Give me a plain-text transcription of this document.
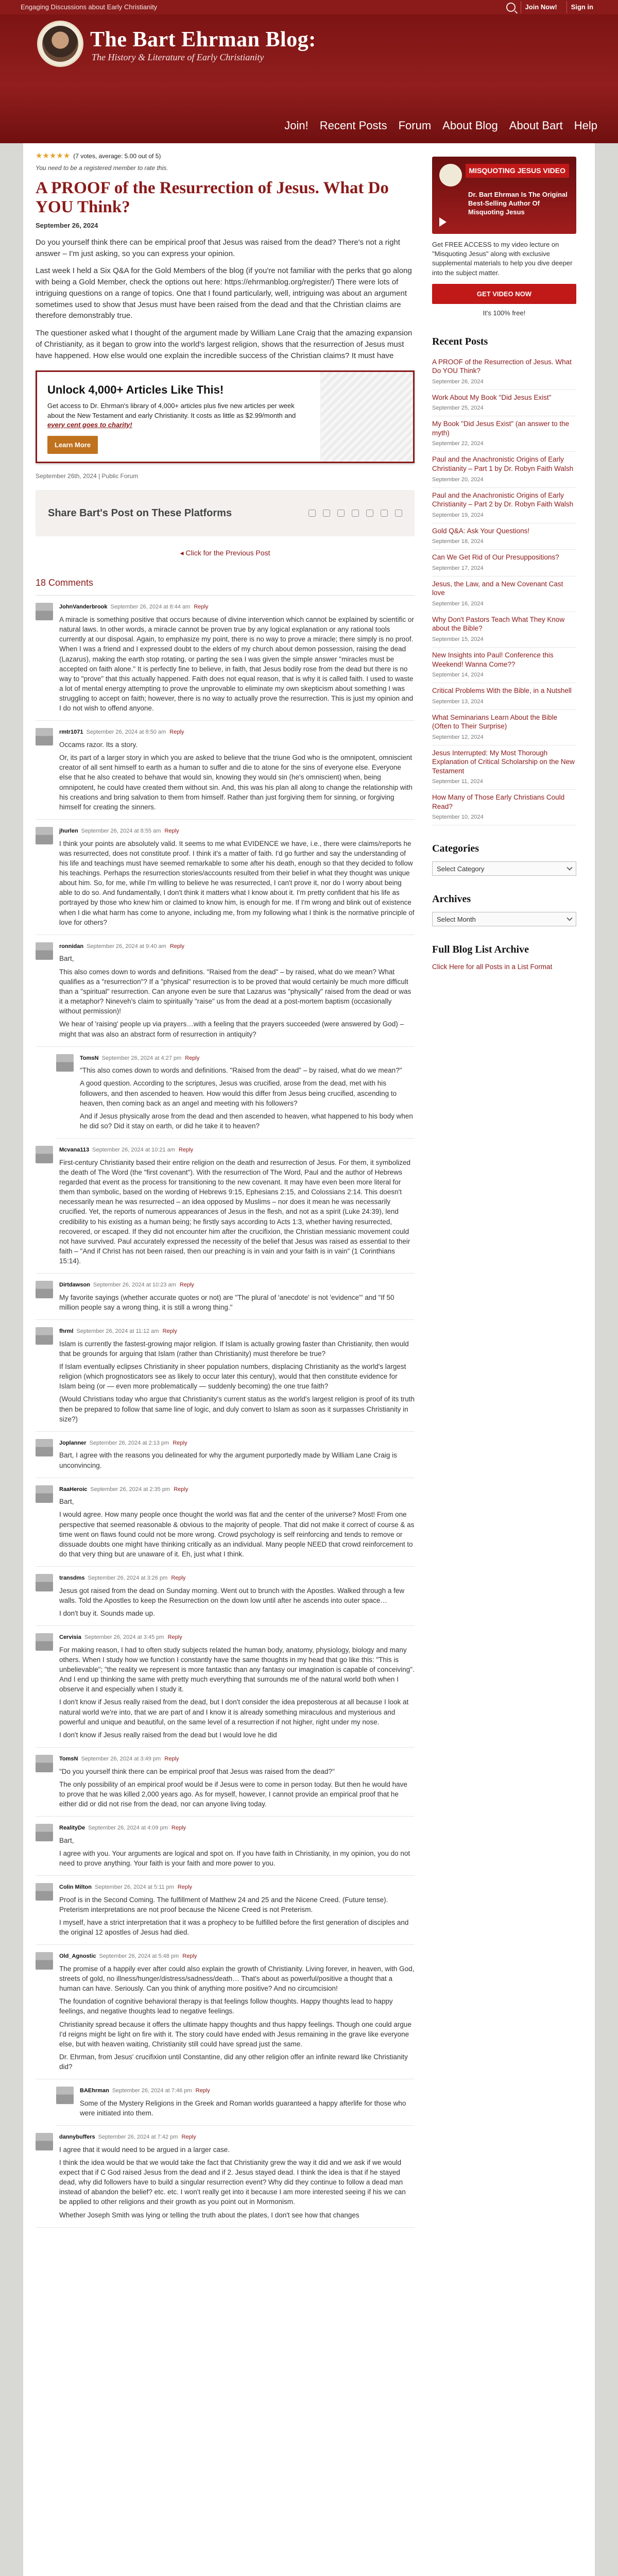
Engaging Discussions about Early Christianity	Join Now!	Sign in
The Bart Ehrman Blog:
The History & Literature of Early Christianity
Join! Recent Posts Forum About Blog About Bart Help
★★★★★ (7 votes, average: 5.00 out of 5)
You need to be a registered member to rate this.
A PROOF of the Resurrection of Jesus. What Do YOU Think?
September 26, 2024

Do you yourself think there can be empirical proof that Jesus was raised from the dead? There's not a right answer – I'm just asking, so you can express your opinion.

Last week I held a Six Q&A for the Gold Members of the blog (if you're not familiar with the perks that go along with being a Gold Member, check the options out here: https://ehrmanblog.org/register/) There were lots of intriguing questions on a range of topics. One that I found particularly, well, intriguing was about an argument sometimes used to show that Jesus must have been raised from the dead and that the Christian claims are therefore demonstrably true.

The questioner asked what I thought of the argument made by William Lane Craig that the amazing expansion of Christianity, as it began to grow into the world's largest religion, shows that the resurrection of Jesus must have happened. How else would one explain the incredible success of the Christian claims? It must have

Unlock 4,000+ Articles Like This!

Get access to Dr. Ehrman's library of 4,000+ articles plus five new articles per week about the New Testament and early Christianity. It costs as little as $2.99/month and every cent goes to charity!

Learn More
September 26th, 2024 | Public Forum
Share Bart's Post on These Platforms
◂ Click for the Previous Post
18 Comments
JohnVanderbrook September 26, 2024 at 8:44 am Reply

A miracle is something positive that occurs because of divine intervention which cannot be explained by scientific or natural laws. In other words, a miracle cannot be proven true by any logical explanation or any rational tools currently at our disposal. Again, to emphasize my point, there is no way to prove a miracle; there simply is no proof. When I was a friend and I expressed doubt to the elders of my church about demon possession, raising the dead (Lazarus), making the earth stop rotating, or parting the sea I was given the simple answer "miracles must be accepted on faith alone." It is perfectly fine to believe, in faith, that Jesus bodily rose from the dead but there is no way to "prove" that this actually happened. Faith does not equal reason, that is why it is called faith. I used to waste a lot of mental energy attempting to prove the unprovable to eliminate my own skepticism about something I was struggling to accept on faith; however, there is no way to actually prove the resurrection. This is just my opinion and I do not wish to offend anyone.

rmtr1071 September 26, 2024 at 8:50 am Reply

Occams razor. Its a story.

Or, its part of a larger story in which you are asked to believe that the triune God who is the omnipotent, omniscient creator of all sent himself to earth as a human to suffer and die to atone for the sins of everyone else. Everyone else that he also created to behave that would sin, knowing they would sin (he's omniscient) when, being omnipotent, he could have created them without sin. And, this was his plan all along to change the relationship with his creations and bring salvation to them from himself. Rather than just forgiving them for sinning, or forgiving himself for creating the sinners.

jhurlen September 26, 2024 at 8:55 am Reply

I think your points are absolutely valid. It seems to me what EVIDENCE we have, i.e., there were claims/reports he was resurrected, does not constitute proof. I think it's a matter of faith. I'd go further and say the understanding of his life and teachings must have seemed remarkable to some after his death, enough so that they decided to follow his teachings. Perhaps the resurrection stories/accounts resulted from their belief in what they thought was unique about him. So, for me, while I'm willing to believe he was resurrected, I can't prove it, nor do I worry about being able to do so. And fundamentally, I don't think it matters what I know about it. I'm pretty confident that his life as portrayed by those who knew him or claimed to know him, is enough for me. If I'm wrong and blink out of existence when I die what harm has come to anyone, including me, from my following what I think is the normative principle of love for others?

ronnidan September 26, 2024 at 9:40 am Reply

Bart,

This also comes down to words and definitions. "Raised from the dead" – by raised, what do we mean? What qualifies as a "resurrection"? If a "physical" resurrection is to be proved that would certainly be much more difficult than a "spiritual" resurrection. Can anyone even be sure that Lazarus was "physically" raised from the dead or was it a metaphor? Nineveh's claim to spiritually "raise" us from the dead at a post-mortem baptism (occasionally without permission)!

We hear of 'raising' people up via prayers…with a feeling that the prayers succeeded (were answered by God) – might that was also an abstract form of resurrection in antiquity?

TomsN September 26, 2024 at 4:27 pm Reply

"This also comes down to words and definitions. "Raised from the dead" – by raised, what do we mean?"

A good question. According to the scriptures, Jesus was crucified, arose from the dead, met with his followers, and then ascended to heaven. How would this differ from Jesus being crucified, ascending to heaven, then coming back as an angel and meeting with his followers?

And if Jesus physically arose from the dead and then ascended to heaven, what happened to his body when he did so? Did it stay on earth, or did he take it to heaven?

Mcvana113 September 26, 2024 at 10:21 am Reply

First-century Christianity based their entire religion on the death and resurrection of Jesus. For them, it symbolized the death of The Word (the "first covenant"). With the resurrection of The Word, Paul and the author of Hebrews regarded that event as the process for transitioning to the new covenant. It may have even been more literal for them than symbolic, based on the wording of Hebrews 9:15, Ephesians 2:15, and Colossians 2:14. This doesn't necessarily mean he was resurrected – an idea opposed by Muslims – nor does it mean he was necessarily crucified. Yet, the reports of numerous appearances of Jesus in the flesh, and not as a spirit (Luke 24:39), lend credibility to his existing as a human being; he firstly says according to Acts 1:3, whether having resurrected, recovered, or escaped. If they did not encounter him after the crucifixion, the Christian messianic movement could not have survived. Paul accurately expressed the necessity of the belief that Jesus was raised as essential to their faith – "And if Christ has not been raised, then our preaching is in vain and your faith is in vain" (1 Corinthians 15:14).

Dirtdawson September 26, 2024 at 10:23 am Reply

My favorite sayings (whether accurate quotes or not) are "The plural of 'anecdote' is not 'evidence'" and "If 50 million people say a wrong thing, it is still a wrong thing."

fhrml September 26, 2024 at 11:12 am Reply

Islam is currently the fastest-growing major religion. If Islam is actually growing faster than Christianity, then would that be grounds for arguing that Islam (rather than Christianity) must therefore be true?

If Islam eventually eclipses Christianity in sheer population numbers, displacing Christianity as the world's largest religion (which prognosticators see as likely to occur later this century), would that then constitute evidence for Islam being (or — even more problematically — suddenly becoming) the one true faith?

(Would Christians today who argue that Christianity's current status as the world's largest religion is proof of its truth then be prepared to follow that same line of logic, and duly convert to Islam as soon as it surpasses Christianity in size?)

Joplanner September 26, 2024 at 2:13 pm Reply

Bart, I agree with the reasons you delineated for why the argument purportedly made by William Lane Craig is unconvincing.

RaaHeroic September 26, 2024 at 2:35 pm Reply

Bart,

I would agree. How many people once thought the world was flat and the center of the universe? Most! From one perspective that seemed reasonable & obvious to the majority of people. That did not make it correct of course & as time went on flaws found could not be more wrong. Crowd psychology is self reinforcing and tends to remove or dissuade doubts one might have thinking critically as an individual. Many people NEED that crowd reinforcement to do that very thing but are unaware of it. Eh, just what I think.

transdms September 26, 2024 at 3:26 pm Reply

Jesus got raised from the dead on Sunday morning. Went out to brunch with the Apostles. Walked through a few walls. Told the Apostles to keep the Resurrection on the down low until after he ascends into outer space…

I don't buy it. Sounds made up.

Cervisia September 26, 2024 at 3:45 pm Reply

For making reason, I had to often study subjects related the human body, anatomy, physiology, biology and many others. When I study how we function I constantly have the same thoughts in my head that go like this: "This is unbelievable"; "the reality we represent is more fantastic than any fantasy our imagination is capable of conceiving". And I end up thinking the same with pretty much everything that surrounds me of the natural world both when I observe it and especially when I study it.

I don't know if Jesus really raised from the dead, but I don't consider the idea preposterous at all because I look at natural world we're into, that we are part of and I know it is already something miraculous and mysterious and powerful and unique and beautiful, on the same level of a resurrection if not higher, right under my nose.

I don't know if Jesus really raised from the dead but I would love he did

TomsN September 26, 2024 at 3:49 pm Reply

"Do you yourself think there can be empirical proof that Jesus was raised from the dead?"

The only possibility of an empirical proof would be if Jesus were to come in person today. But then he would have to prove that he was killed 2,000 years ago. As for myself, however, I cannot provide an empirical proof that he either did or did not rise from the dead, nor can anyone living today.

RealityDe September 26, 2024 at 4:09 pm Reply

Bart,

I agree with you. Your arguments are logical and spot on. If you have faith in Christianity, in my opinion, you do not need to prove anything. Your faith is your faith and more power to you.

Colin Milton September 26, 2024 at 5:11 pm Reply

Proof is in the Second Coming. The fulfillment of Matthew 24 and 25 and the Nicene Creed. (Future tense). Preterism interpretations are not proof because the Nicene Creed is not Preterism.

I myself, have a strict interpretation that it was a prophecy to be fulfilled before the first generation of disciples and the original 12 apostles of Jesus had died.

Old_Agnostic September 26, 2024 at 5:48 pm Reply

The promise of a happily ever after could also explain the growth of Christianity. Living forever, in heaven, with God, streets of gold, no illness/hunger/distress/sadness/death… That's about as powerful/positive a thought that a human can have. Seriously. Can you think of anything more positive? And no circumcision!

The foundation of cognitive behavioral therapy is that feelings follow thoughts. Happy thoughts lead to happy feelings, and negative thoughts lead to negative feelings.

Christianity spread because it offers the ultimate happy thoughts and thus happy feelings. Though one could argue I'd reigns might be light on fire with it. The story could have ended with Jesus remaining in the grave like everyone else, but with heaven waiting, Christianity still could have spread just the same.

Dr. Ehrman, from Jesus' crucifixion until Constantine, did any other religion offer an infinite reward like Christianity did?

BAEhrman September 26, 2024 at 7:46 pm Reply

Some of the Mystery Religions in the Greek and Roman worlds guaranteed a happy afterlife for those who were initiated into them.

dannybuffers September 26, 2024 at 7:42 pm Reply

I agree that it would need to be argued in a larger case.

I think the idea would be that we would take the fact that Christianity grew the way it did and we ask if we would expect that if C God raised Jesus from the dead and if 2. Jesus stayed dead. I think the idea is that if he stayed dead, why did followers have to build a singular resurrection event? Why did they continue to follow a dead man instead of abandon the belief? etc. etc. I won't really get into it because I am more interested seeing if his we can be applied to other religions and their growth as you point out in Mormonism.

Whether Joseph Smith was lying or telling the truth about the plates, I don't see how that changes

MISQUOTING JESUS VIDEO
Dr. Bart Ehrman Is The Original Best-Selling Author Of Misquoting Jesus
Get FREE ACCESS to my video lecture on "Misquoting Jesus" along with exclusive supplemental materials to help you dive deeper into the subject matter.
GET VIDEO NOW
It's 100% free!
Recent Posts
A PROOF of the Resurrection of Jesus. What Do YOU Think?
September 26, 2024
Work About My Book "Did Jesus Exist"
September 25, 2024
My Book "Did Jesus Exist" (an answer to the myth)
September 22, 2024
Paul and the Anachronistic Origins of Early Christianity – Part 1 by Dr. Robyn Faith Walsh
September 20, 2024
Paul and the Anachronistic Origins of Early Christianity – Part 2 by Dr. Robyn Faith Walsh
September 19, 2024
Gold Q&A: Ask Your Questions!
September 18, 2024
Can We Get Rid of Our Presuppositions?
September 17, 2024
Jesus, the Law, and a New Covenant Cast love
September 16, 2024
Why Don't Pastors Teach What They Know about the Bible?
September 15, 2024
New Insights into Paul! Conference this Weekend! Wanna Come??
September 14, 2024
Critical Problems With the Bible, in a Nutshell
September 13, 2024
What Seminarians Learn About the Bible (Often to Their Surprise)
September 12, 2024
Jesus Interrupted: My Most Thorough Explanation of Critical Scholarship on the New Testament
September 11, 2024
How Many of Those Early Christians Could Read?
September 10, 2024
Categories
Select Category
Archives
Select Month
Full Blog List Archive
Click Here for all Posts in a List Format
